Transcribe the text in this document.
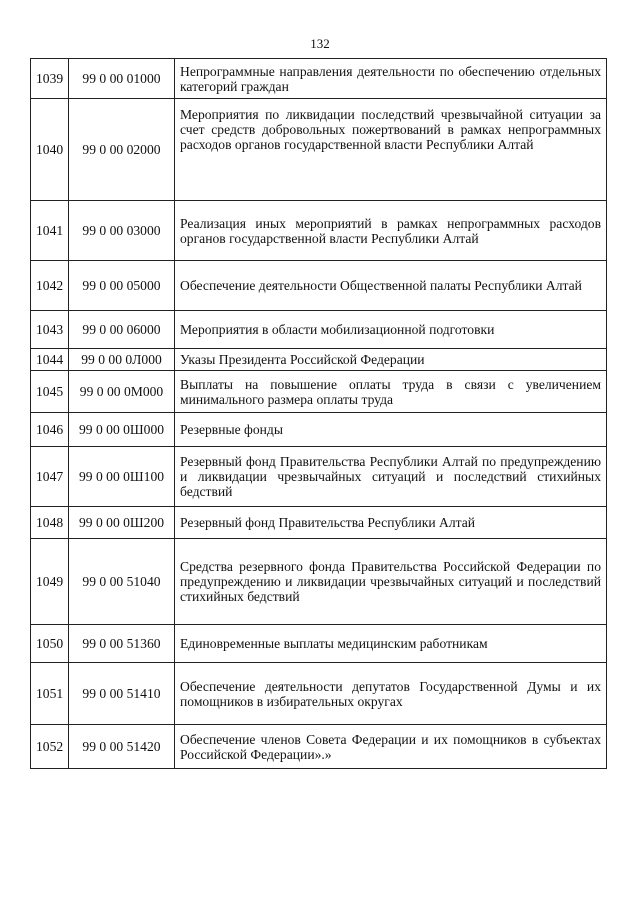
132
1039	99 0 00 01000	Непрограммные направления деятельности по обеспечению отдельных категорий граждан
1040	99 0 00 02000	Мероприятия по ликвидации последствий чрезвычайной ситуации за счет средств добровольных пожертвований в рамках непрограммных расходов органов государственной власти Республики Алтай
1041	99 0 00 03000	Реализация иных мероприятий в рамках непрограммных расходов органов государственной власти Республики Алтай
1042	99 0 00 05000	Обеспечение деятельности Общественной палаты Республики Алтай
1043	99 0 00 06000	Мероприятия в области мобилизационной подготовки
1044	99 0 00 0Л000	Указы Президента Российской Федерации
1045	99 0 00 0М000	Выплаты на повышение оплаты труда в связи с увеличением минимального размера оплаты труда
1046	99 0 00 0Ш000	Резервные фонды
1047	99 0 00 0Ш100	Резервный фонд Правительства Республики Алтай по предупреждению и ликвидации чрезвычайных ситуаций и последствий стихийных бедствий
1048	99 0 00 0Ш200	Резервный фонд Правительства Республики Алтай
1049	99 0 00 51040	Средства резервного фонда Правительства Российской Федерации по предупреждению и ликвидации чрезвычайных ситуаций и последствий стихийных бедствий
1050	99 0 00 51360	Единовременные выплаты медицинским работникам
1051	99 0 00 51410	Обеспечение деятельности депутатов Государственной Думы и их помощников в избирательных округах
1052	99 0 00 51420	Обеспечение членов Совета Федерации и их помощников в субъектах Российской Федерации».»
